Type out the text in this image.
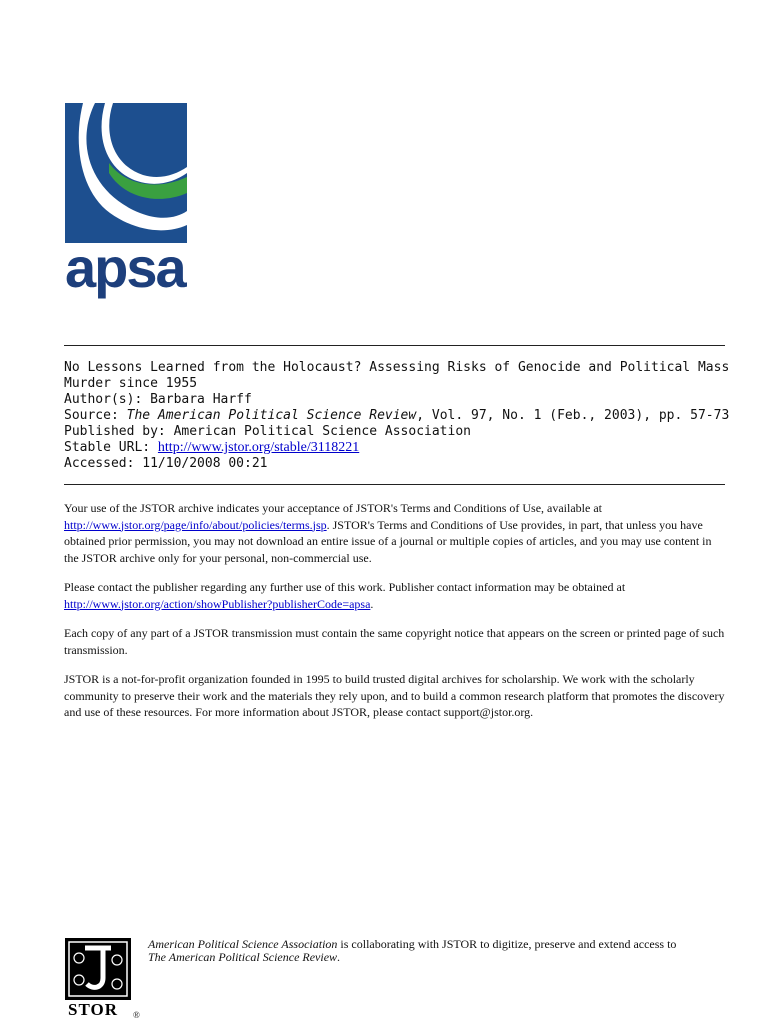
apsa
No Lessons Learned from the Holocaust? Assessing Risks of Genocide and Political Mass
Murder since 1955
Author(s): Barbara Harff
Source: The American Political Science Review, Vol. 97, No. 1 (Feb., 2003), pp. 57-73
Published by: American Political Science Association
Stable URL: http://www.jstor.org/stable/3118221
Accessed: 11/10/2008 00:21

Your use of the JSTOR archive indicates your acceptance of JSTOR's Terms and Conditions of Use, available at http://www.jstor.org/page/info/about/policies/terms.jsp. JSTOR's Terms and Conditions of Use provides, in part, that unless you have obtained prior permission, you may not download an entire issue of a journal or multiple copies of articles, and you may use content in the JSTOR archive only for your personal, non-commercial use.

Please contact the publisher regarding any further use of this work. Publisher contact information may be obtained at http://www.jstor.org/action/showPublisher?publisherCode=apsa.

Each copy of any part of a JSTOR transmission must contain the same copyright notice that appears on the screen or printed page of such transmission.

JSTOR is a not-for-profit organization founded in 1995 to build trusted digital archives for scholarship. We work with the scholarly community to preserve their work and the materials they rely upon, and to build a common research platform that promotes the discovery and use of these resources. For more information about JSTOR, please contact support@jstor.org.

STOR ®
American Political Science Association is collaborating with JSTOR to digitize, preserve and extend access to
The American Political Science Review.
